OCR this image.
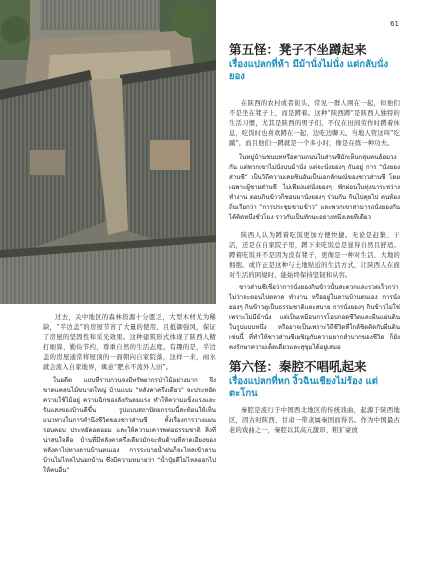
61
第五怪：凳子不坐蹲起来
เรื่องแปลกที่ห้า มีม้านั่งไม่นั่ง แต่กลับนั่งยอง

在陕西的农村或者街头，常见一群人围在一起，但他们不是坐在凳子上，而是蹲着。这种“陕西蹲”是陕西人独特的生活习惯，尤其是陕西的男子们，不仅在田间劳作时蹲着休息，吃饭时也喜欢蹲在一起，边吃边聊天。当地人管这叫“圪蹴”，而且他们一蹲就是一个多小时，像是在练一种功夫。

ในหมู่บ้านชนบทหรือตามถนนในส่านซีมักเห็นกลุ่มคนล้อมวงกัน แต่พวกเขาไม่นั่งบนม้านั่ง แต่จะนั่งยองๆ กันอยู่ การ “นั่งยองส่านซี” เป็นวิถีความเคยชินอันเป็นเอกลักษณ์ของชาวส่านซี โดยเฉพาะผู้ชายส่านซี ไม่เพียงแต่นั่งยองๆ พักผ่อนในทุ่งนาระหว่างทำงาน ตอนกินข้าวก็ชอบมานั่งยองๆ ร่วมกัน กินไปคุยไป คนท้องถิ่นเรียกว่า “การประชุมชามข้าว” และพวกเขาสามารถนั่งยองกันได้ติดหนึ่งชั่วโมง ราวกับเป็นทักษะอย่างหนึ่งเลยทีเดียว

陕西人认为蹲着吃饭更加方便快捷。无论是赶集、干活，还是在自家院子里，蹲下来吃饭总是显得自然且舒适。蹲着吃饭并不是因为没有凳子，更像是一种对生活、大地的拥抱。或许正是这种与土地贴近的生活方式，让陕西人在面对生活的困境时，能始终保持坚韧和从容。

ชาวส่านซีเชื่อว่าการนั่งยองกินข้าวนั้นสะดวกและรวดเร็วกว่า ไม่ว่าจะตอนไปตลาด ทำงาน หรืออยู่ในลานบ้านตนเอง การนั่งยองๆ กินข้าวดูเป็นธรรมชาติและสบาย การนั่งยองๆ กินข้าวไม่ใช่เพราะไม่มีม้านั่ง แต่เป็นเหมือนการโอบกอดชีวิตและผืนแผ่นดินในรูปแบบหนึ่ง หรืออาจเป็นเพราะวิถีชีวิตที่ใกล้ชิดติดกับผืนดินเช่นนี้ ที่ทำให้ชาวส่านซีเผชิญกับความยากลำบากของชีวิต ก็ยังคงรักษาความเด็ดเดี่ยวและสุขุมได้อยู่เสมอ

第六怪：秦腔不唱吼起来
เรื่องแปลกที่หก งิ้วฉินเชียงไม่ร้อง แต่ตะโกน

秦腔是流行于中国西北地区的传统戏曲，起源于陕西地区，因古时陕西、甘肃一带隶属秦国而得名。作为中国最古老的戏曲之一，秦腔以其高亢激昂、粗犷豪放

过去，关中地区的森林资源十分匮乏，大型木材尤为稀缺，“半边盖”的房屋节省了大量的使用，且抵御强风，保证了房屋的坚固性和采光效果。这种建筑形式体现了陕西人精打细算、勤俭节约、尊重自然的生活态度。有趣的是，半边盖的房屋通常将屋顶的一面朝向自家院落，这样一来，雨水就会流入自家地界，寓意“肥水不流外人田”。

ในอดีต แถบที่ราบกวนจงมีทรัพยากรป่าไม้อย่างมาก จึงขาดแคลนไม้ขนาดใหญ่ บ้านแบบ “หลังคาครึ่งเดียว” จะประหยัดความใช้ไม้อยู่ ความฉิกของลังกันลมแรง ทำให้ความแข็งแรงและรับแสงของบ้านดีขึ้น รูปแบบสถาปัตยกรรมนี้สะท้อนให้เห็นแนวทางในการคำนึงชีวิตของชาวส่านซี ทั้งเรื่องการวางแผนรอบคอบ ประหยัดอดออม และให้ความเคารพต่อธรรมชาติ สิ่งที่น่าสนใจคือ บ้านที่มีหลังคาครึ่งเดียวมักจะหันด้านที่ลาดเอียงของหลังคาไปทางลานบ้านตนเอง การระบายน้ำฝนก็จะไหลเข้าลานบ้านไม่ไหลไปนอกบ้าน ซึ่งมีความหมายว่า “น้ำปุ๋ยดีไม่ไหลออกไปให้คนอื่น”
